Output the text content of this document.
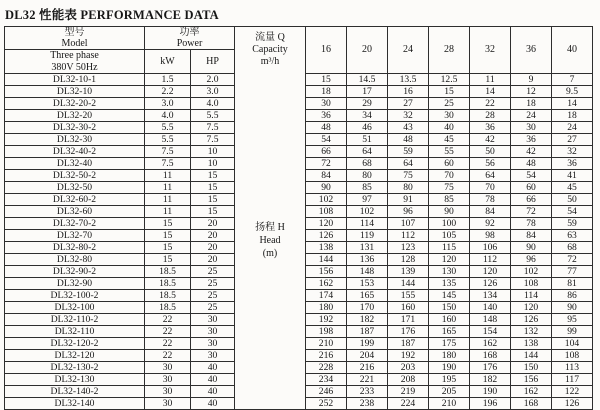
DL32 性能表 PERFORMANCE DATA
型号
Model

功率
Power

流量 Q
Capacity
m³/h
扬程 H
Head
(m)
	16	20	24	28	32	36	40

Three phase
380V 50Hz	kW	HP								
DL32-10-1	1.5	2.0		15	14.5	13.5	12.5	11	9	7
DL32-10	2.2	3.0		18	17	16	15	14	12	9.5
DL32-20-2	3.0	4.0		30	29	27	25	22	18	14
DL32-20	4.0	5.5		36	34	32	30	28	24	18
DL32-30-2	5.5	7.5		48	46	43	40	36	30	24
DL32-30	5.5	7.5		54	51	48	45	42	36	27
DL32-40-2	7.5	10		66	64	59	55	50	42	32
DL32-40	7.5	10		72	68	64	60	56	48	36
DL32-50-2	11	15		84	80	75	70	64	54	41
DL32-50	11	15		90	85	80	75	70	60	45
DL32-60-2	11	15		102	97	91	85	78	66	50
DL32-60	11	15		108	102	96	90	84	72	54
DL32-70-2	15	20		120	114	107	100	92	78	59
DL32-70	15	20		126	119	112	105	98	84	63
DL32-80-2	15	20		138	131	123	115	106	90	68
DL32-80	15	20		144	136	128	120	112	96	72
DL32-90-2	18.5	25		156	148	139	130	120	102	77
DL32-90	18.5	25		162	153	144	135	126	108	81
DL32-100-2	18.5	25		174	165	155	145	134	114	86
DL32-100	18.5	25		180	170	160	150	140	120	90
DL32-110-2	22	30		192	182	171	160	148	126	95
DL32-110	22	30		198	187	176	165	154	132	99
DL32-120-2	22	30		210	199	187	175	162	138	104
DL32-120	22	30		216	204	192	180	168	144	108
DL32-130-2	30	40		228	216	203	190	176	150	113
DL32-130	30	40		234	221	208	195	182	156	117
DL32-140-2	30	40		246	233	219	205	190	162	122
DL32-140	30	40		252	238	224	210	196	168	126
